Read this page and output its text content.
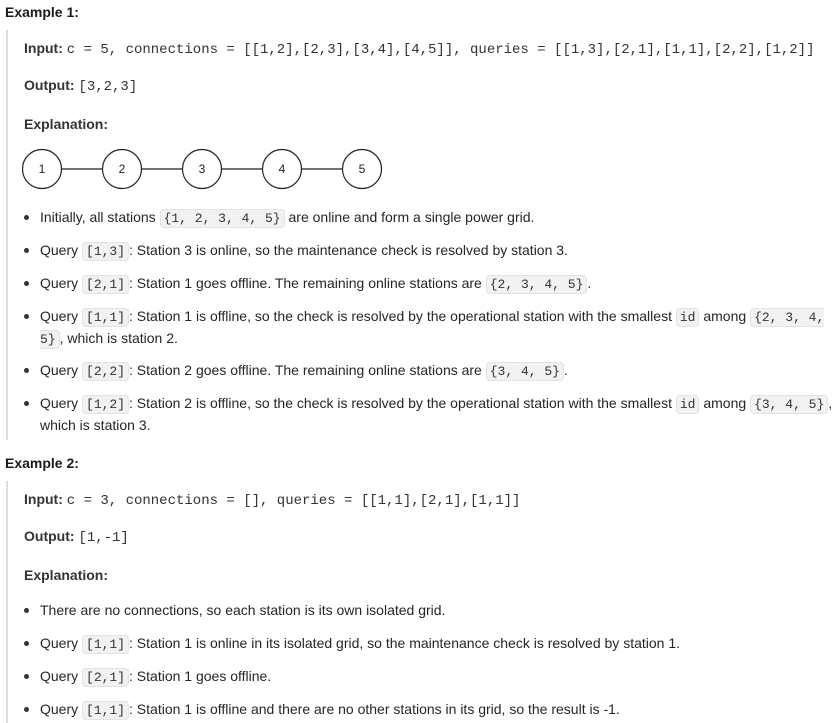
Example 1:
Input: c = 5, connections = [[1,2],[2,3],[3,4],[4,5]], queries = [[1,3],[2,1],[1,1],[2,2],[1,2]]
Output: [3,2,3]
Explanation:
1	2	3	4	5
Initially, all stations {1, 2, 3, 4, 5} are online and form a single power grid.
Query [1,3] : Station 3 is online, so the maintenance check is resolved by station 3.
Query [2,1] : Station 1 goes offline. The remaining online stations are {2, 3, 4, 5} .
Query [1,1] : Station 1 is offline, so the check is resolved by the operational station with the smallest id among {2, 3, 4, 5} , which is station 2.
Query [2,2] : Station 2 goes offline. The remaining online stations are {3, 4, 5} .
Query [1,2] : Station 2 is offline, so the check is resolved by the operational station with the smallest id among {3, 4, 5} , which is station 3.
Example 2:
Input: c = 3, connections = [], queries = [[1,1],[2,1],[1,1]]
Output: [1,-1]
Explanation:
There are no connections, so each station is its own isolated grid.
Query [1,1] : Station 1 is online in its isolated grid, so the maintenance check is resolved by station 1.
Query [2,1] : Station 1 goes offline.
Query [1,1] : Station 1 is offline and there are no other stations in its grid, so the result is -1.
